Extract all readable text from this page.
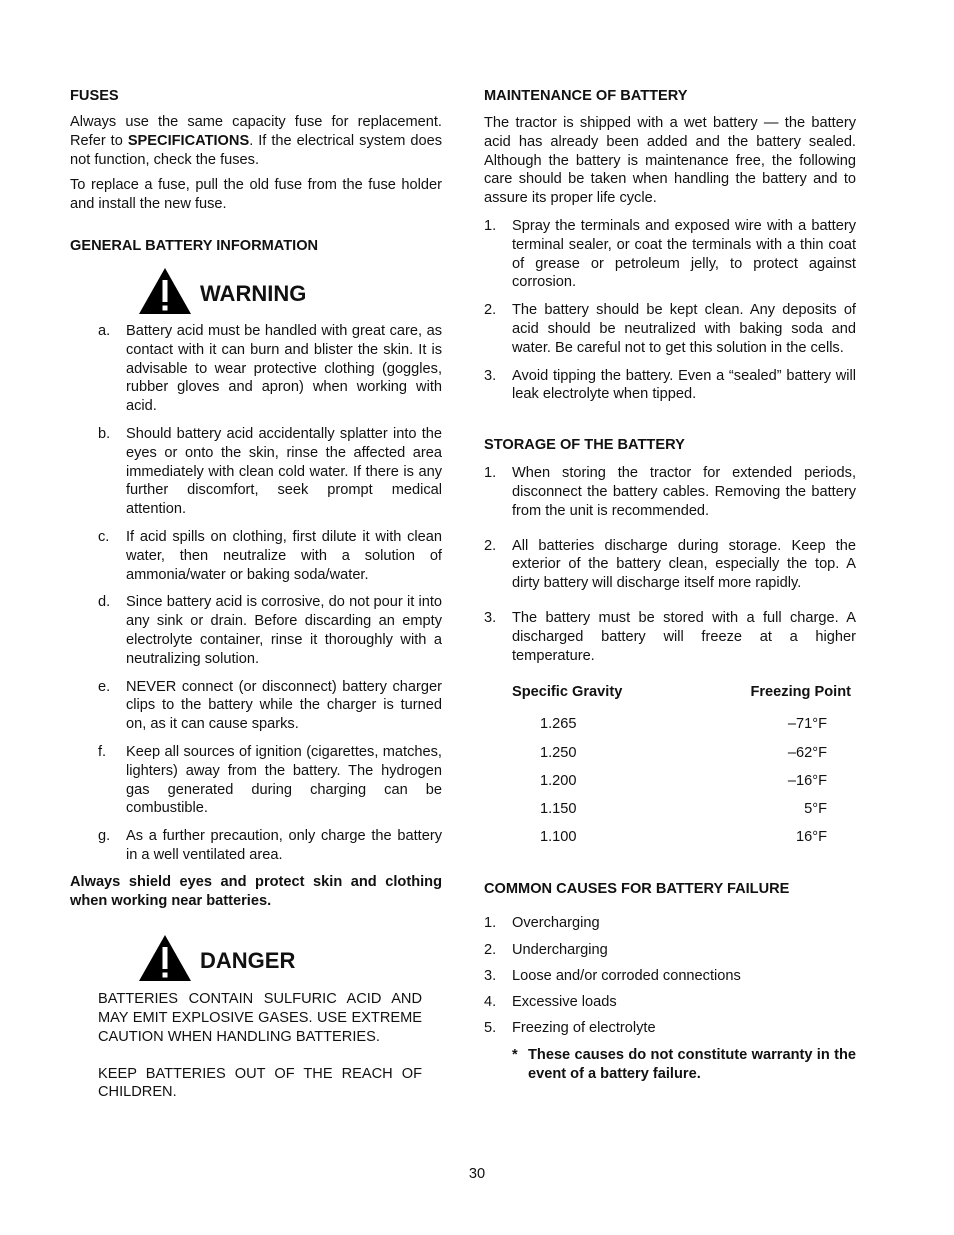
FUSES

Always use the same capacity fuse for replacement. Refer to SPECIFICATIONS. If the electrical system does not function, check the fuses.

To replace a fuse, pull the old fuse from the fuse holder and install the new fuse.

GENERAL BATTERY INFORMATION
WARNING
a. Battery acid must be handled with great care, as contact with it can burn and blister the skin. It is advisable to wear protective clothing (goggles, rubber gloves and apron) when working with acid.
b. Should battery acid accidentally splatter into the eyes or onto the skin, rinse the affected area immediately with clean cold water. If there is any further discomfort, seek prompt medical attention.
c. If acid spills on clothing, first dilute it with clean water, then neutralize with a solution of ammonia/water or baking soda/water.
d. Since battery acid is corrosive, do not pour it into any sink or drain. Before discarding an empty electrolyte container, rinse it thoroughly with a neutralizing solution.
e. NEVER connect (or disconnect) battery charger clips to the battery while the charger is turned on, as it can cause sparks.
f. Keep all sources of ignition (cigarettes, matches, lighters) away from the battery. The hydrogen gas generated during charging can be combustible.
g. As a further precaution, only charge the battery in a well ventilated area.

Always shield eyes and protect skin and clothing when working near batteries.

DANGER

BATTERIES CONTAIN SULFURIC ACID AND MAY EMIT EXPLOSIVE GASES. USE EXTREME CAUTION WHEN HANDLING BATTERIES.

KEEP BATTERIES OUT OF THE REACH OF CHILDREN.

MAINTENANCE OF BATTERY

The tractor is shipped with a wet battery — the battery acid has already been added and the battery sealed. Although the battery is maintenance free, the following care should be taken when handling the battery and to assure its proper life cycle.

1. Spray the terminals and exposed wire with a battery terminal sealer, or coat the terminals with a thin coat of grease or petroleum jelly, to protect against corrosion.
2. The battery should be kept clean. Any deposits of acid should be neutralized with baking soda and water. Be careful not to get this solution in the cells.
3. Avoid tipping the battery. Even a “sealed” battery will leak electrolyte when tipped.
STORAGE OF THE BATTERY
1. When storing the tractor for extended periods, disconnect the battery cables. Removing the battery from the unit is recommended.
2. All batteries discharge during storage. Keep the exterior of the battery clean, especially the top. A dirty battery will discharge itself more rapidly.
3. The battery must be stored with a full charge. A discharged battery will freeze at a higher temperature.
Specific Gravity	Freezing Point
1.265	–71°F
1.250	–62°F
1.200	–16°F
1.150	5°F
1.100	16°F
COMMON CAUSES FOR BATTERY FAILURE
1. Overcharging
2. Undercharging
3. Loose and/or corroded connections
4. Excessive loads
5. Freezing of electrolyte
* These causes do not constitute warranty in the event of a battery failure.
30
